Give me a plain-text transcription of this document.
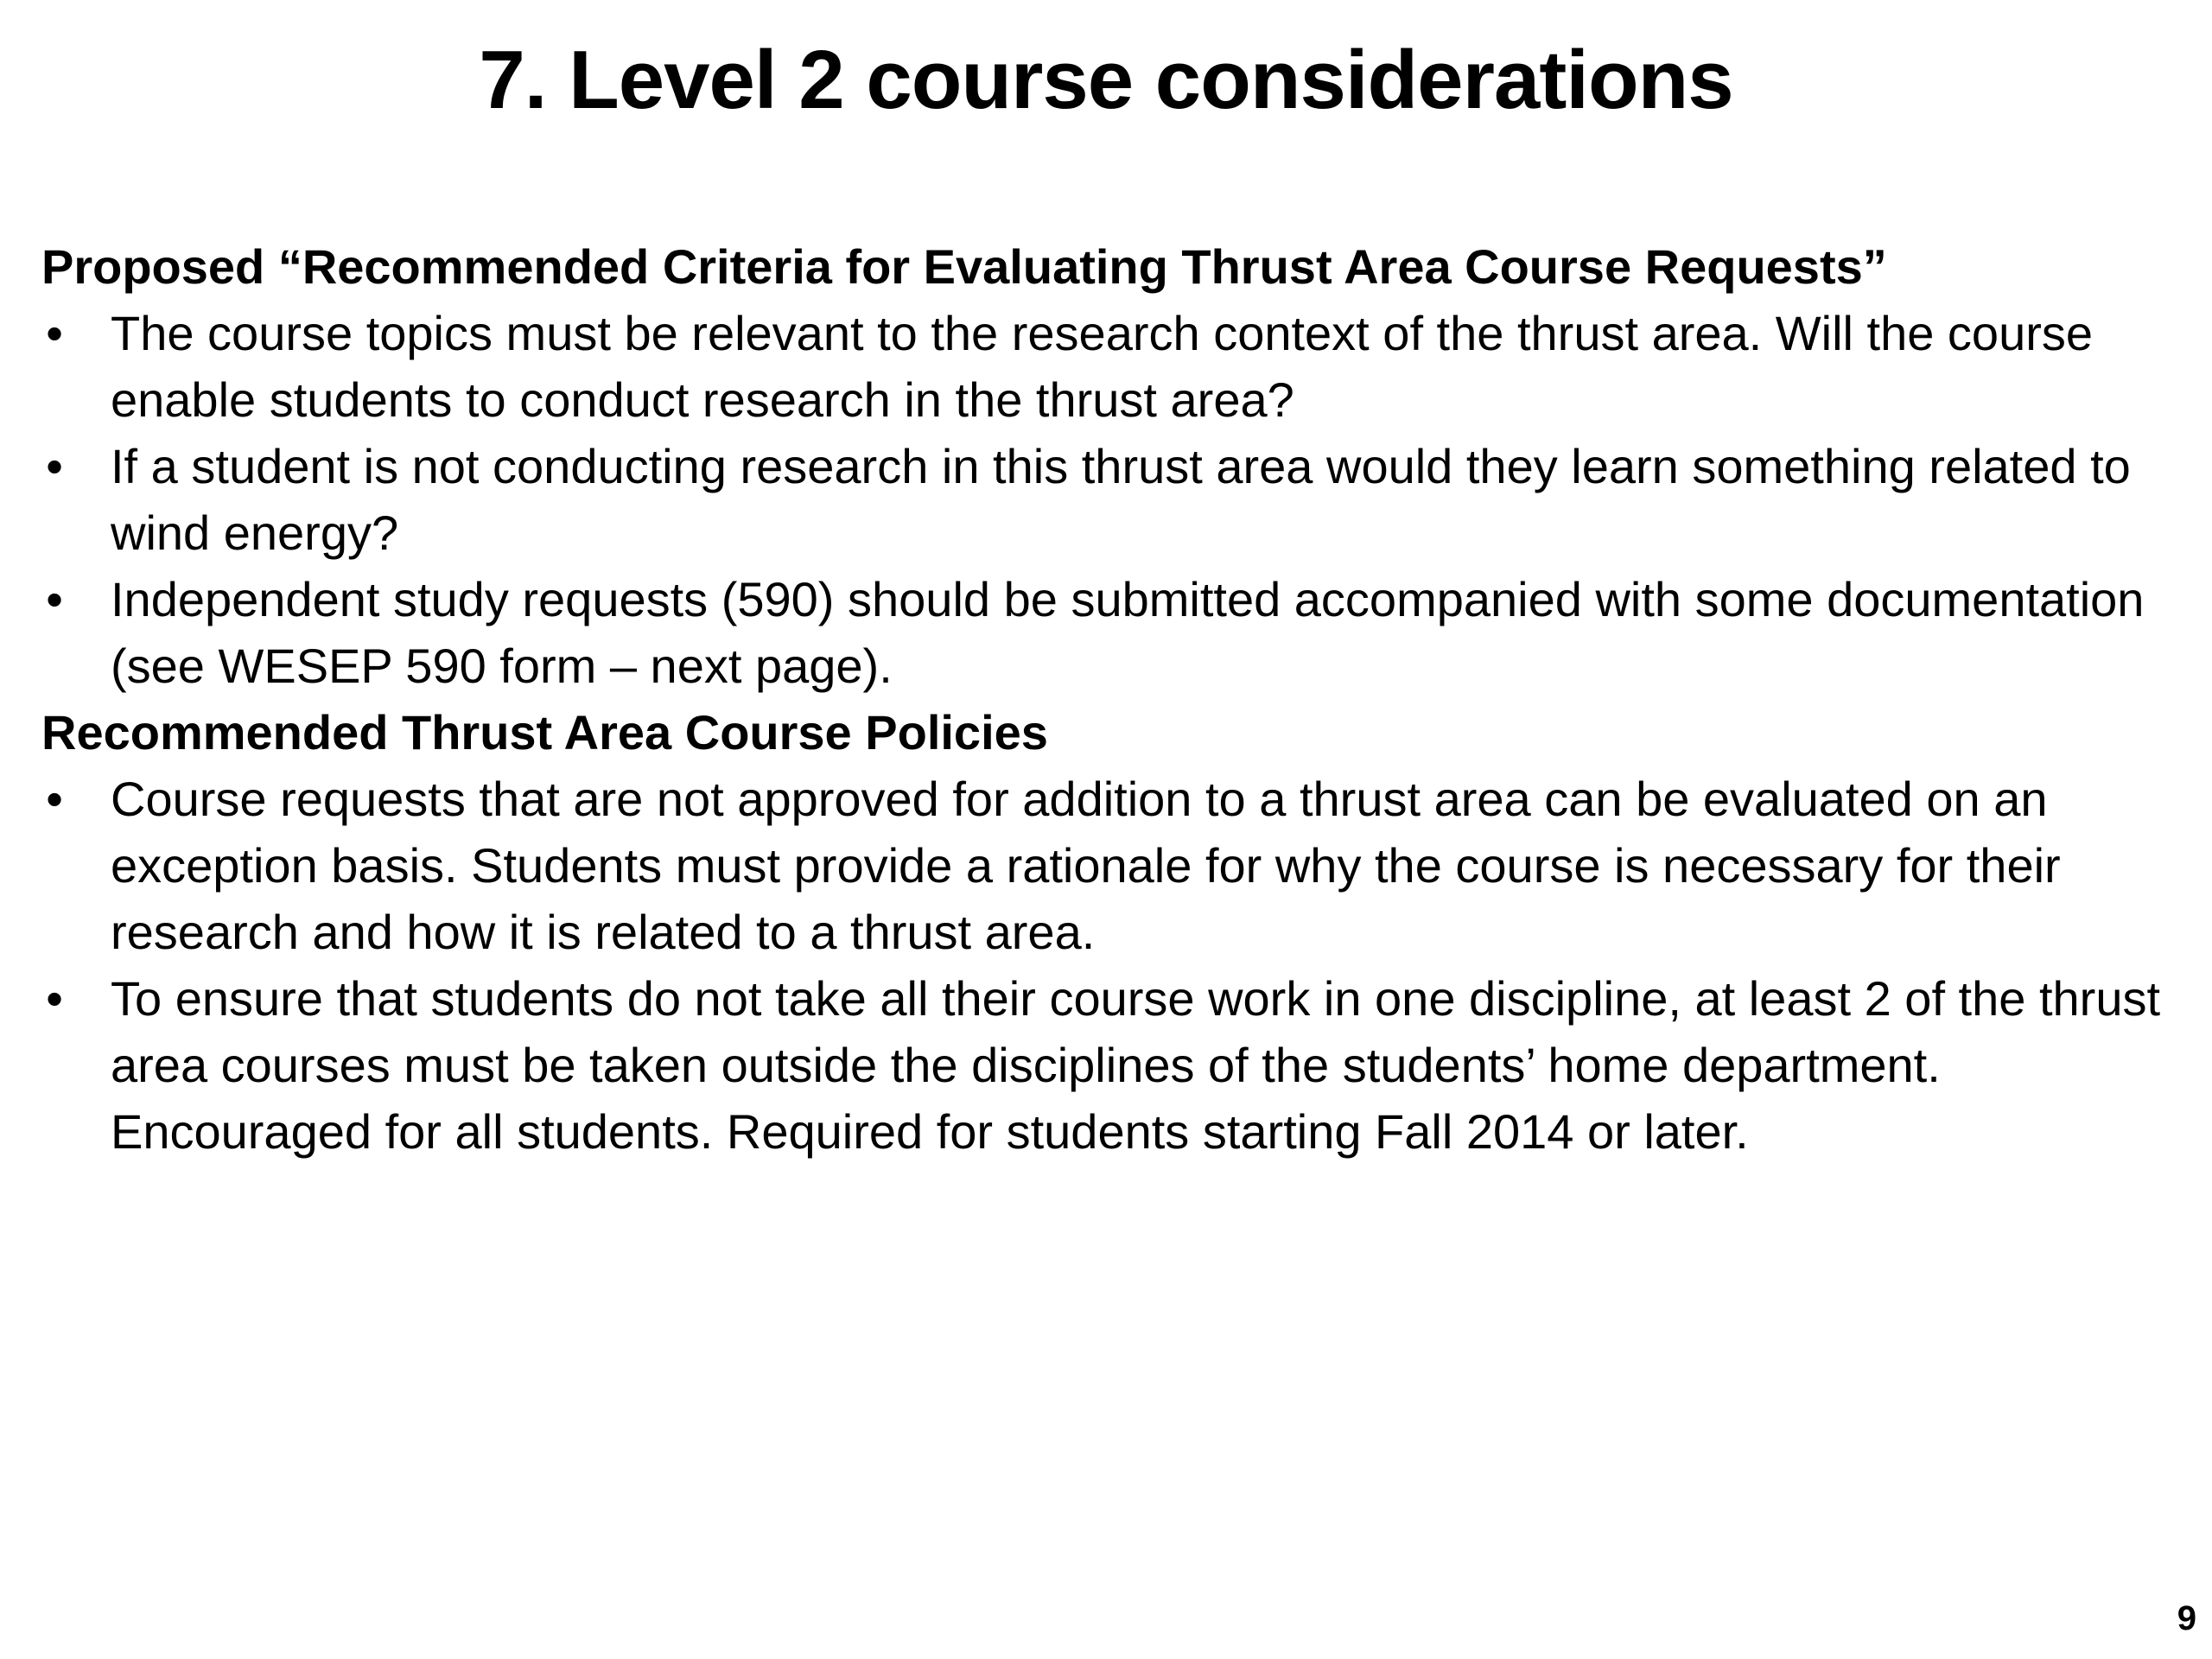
7. Level 2 course considerations

Proposed “Recommended Criteria for Evaluating Thrust Area Course Requests”

• The course topics must be relevant to the research context of the thrust area. Will the course enable students to conduct research in the thrust area?
• If a student is not conducting research in this thrust area would they learn something related to wind energy?
• Independent study requests (590) should be submitted accompanied with some documentation (see WESEP 590 form – next page).

Recommended Thrust Area Course Policies

• Course requests that are not approved for addition to a thrust area can be evaluated on an exception basis. Students must provide a rationale for why the course is necessary for their research and how it is related to a thrust area.
• To ensure that students do not take all their course work in one discipline, at least 2 of the thrust area courses must be taken outside the disciplines of the students’ home department. Encouraged for all students. Required for students starting Fall 2014 or later.
9
